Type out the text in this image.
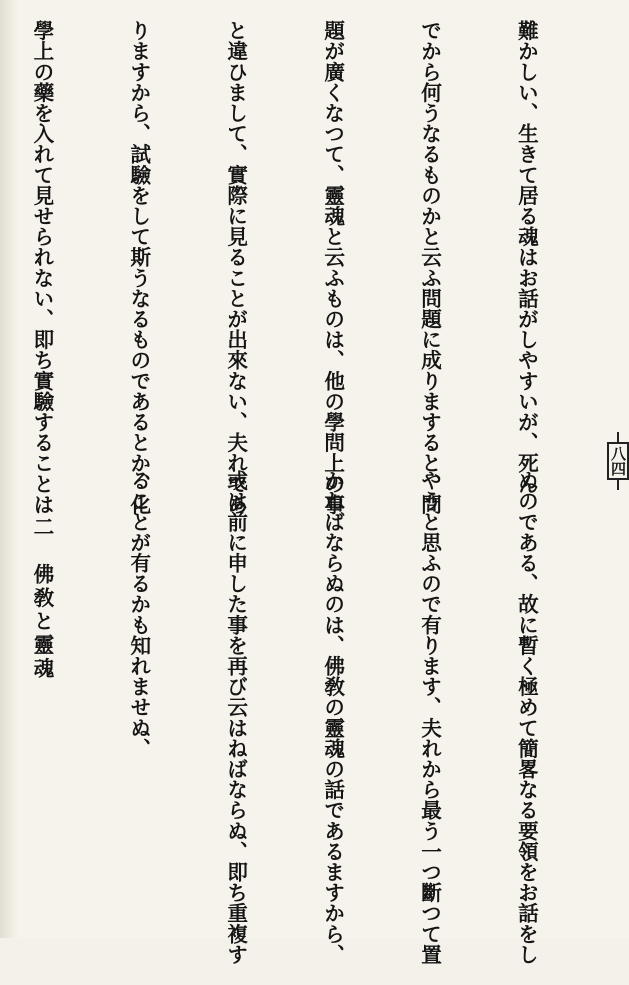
難かしい、生きて居る魂はお話がしやすいが、死ん

でから何うなるものかと云ふ問題に成りますると、問

題が廣くなつて、靈魂と云ふものは、他の學問上の事

と違ひまして、實際に見ることが出來ない、夫れであ

りますから、試驗をして斯うなるものであるとか、化

學上の藥を入れて見せられない、即ち實驗することは

	八四

ぬのである、故に暫く極めて簡畧なる要領をお話をし

やうと思ふので有ります、夫れから最う一つ斷つて置

かねばならぬのは、佛敎の靈魂の話であるますから、

或は前に申した事を再び云はねばならぬ、即ち重複す

ることが有るかも知れませぬ、

二　佛敎と靈魂
